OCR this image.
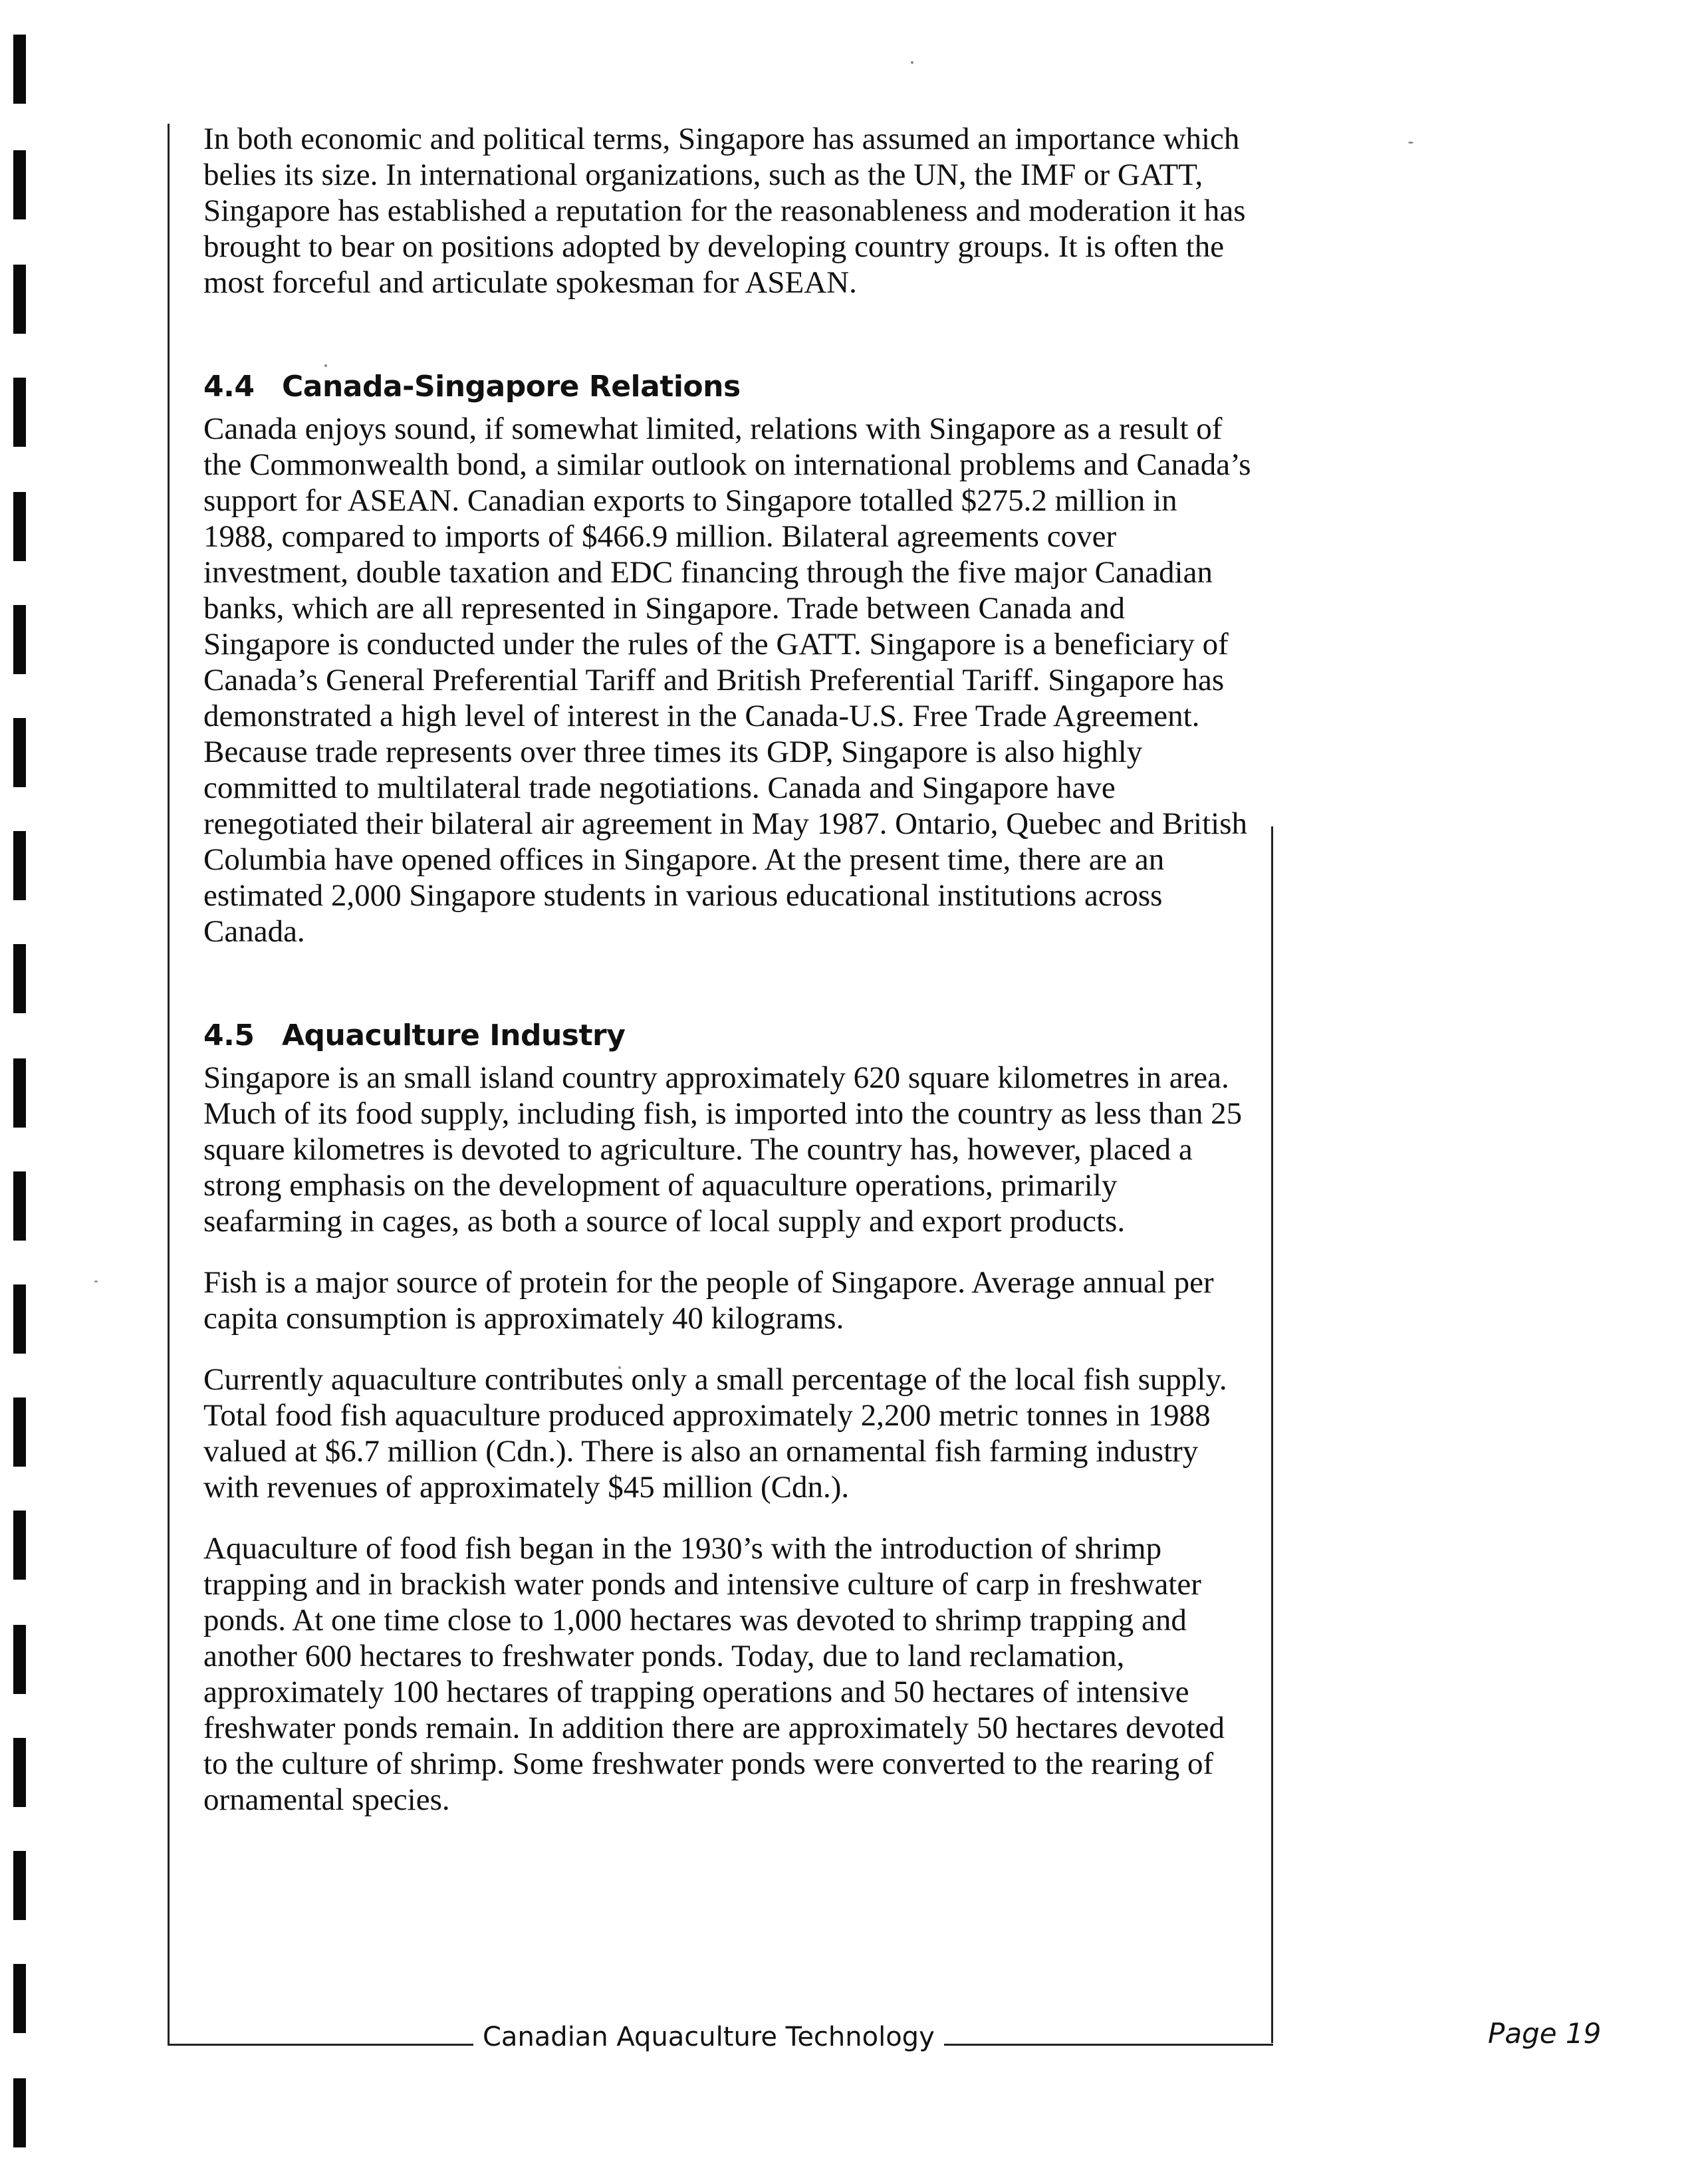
In both economic and political terms, Singapore has assumed an importance which belies its size. In international organizations, such as the UN, the IMF or GATT, Singapore has established a reputation for the reasonableness and moderation it has brought to bear on positions adopted by developing country groups. It is often the most forceful and articulate spokesman for ASEAN.

4.4 Canada-Singapore Relations

Canada enjoys sound, if somewhat limited, relations with Singapore as a result of the Commonwealth bond, a similar outlook on international problems and Canada’s support for ASEAN. Canadian exports to Singapore totalled $275.2 million in 1988, compared to imports of $466.9 million. Bilateral agreements cover investment, double taxation and EDC financing through the five major Canadian banks, which are all represented in Singapore. Trade between Canada and Singapore is conducted under the rules of the GATT. Singapore is a beneficiary of Canada’s General Preferential Tariff and British Preferential Tariff. Singapore has demonstrated a high level of interest in the Canada-U.S. Free Trade Agreement. Because trade represents over three times its GDP, Singapore is also highly committed to multilateral trade negotiations. Canada and Singapore have renegotiated their bilateral air agreement in May 1987. Ontario, Quebec and British Columbia have opened offices in Singapore. At the present time, there are an estimated 2,000 Singapore students in various educational institutions across Canada.

4.5 Aquaculture Industry

Singapore is an small island country approximately 620 square kilometres in area. Much of its food supply, including fish, is imported into the country as less than 25 square kilometres is devoted to agriculture. The country has, however, placed a strong emphasis on the development of aquaculture operations, primarily seafarming in cages, as both a source of local supply and export products.

Fish is a major source of protein for the people of Singapore. Average annual per capita consumption is approximately 40 kilograms.

Currently aquaculture contributes only a small percentage of the local fish supply. Total food fish aquaculture produced approximately 2,200 metric tonnes in 1988 valued at $6.7 million (Cdn.). There is also an ornamental fish farming industry with revenues of approximately $45 million (Cdn.).

Aquaculture of food fish began in the 1930’s with the introduction of shrimp trapping and in brackish water ponds and intensive culture of carp in freshwater ponds. At one time close to 1,000 hectares was devoted to shrimp trapping and another 600 hectares to freshwater ponds. Today, due to land reclamation, approximately 100 hectares of trapping operations and 50 hectares of intensive freshwater ponds remain. In addition there are approximately 50 hectares devoted to the culture of shrimp. Some freshwater ponds were converted to the rearing of ornamental species.

Canadian Aquaculture Technology	Page 19
